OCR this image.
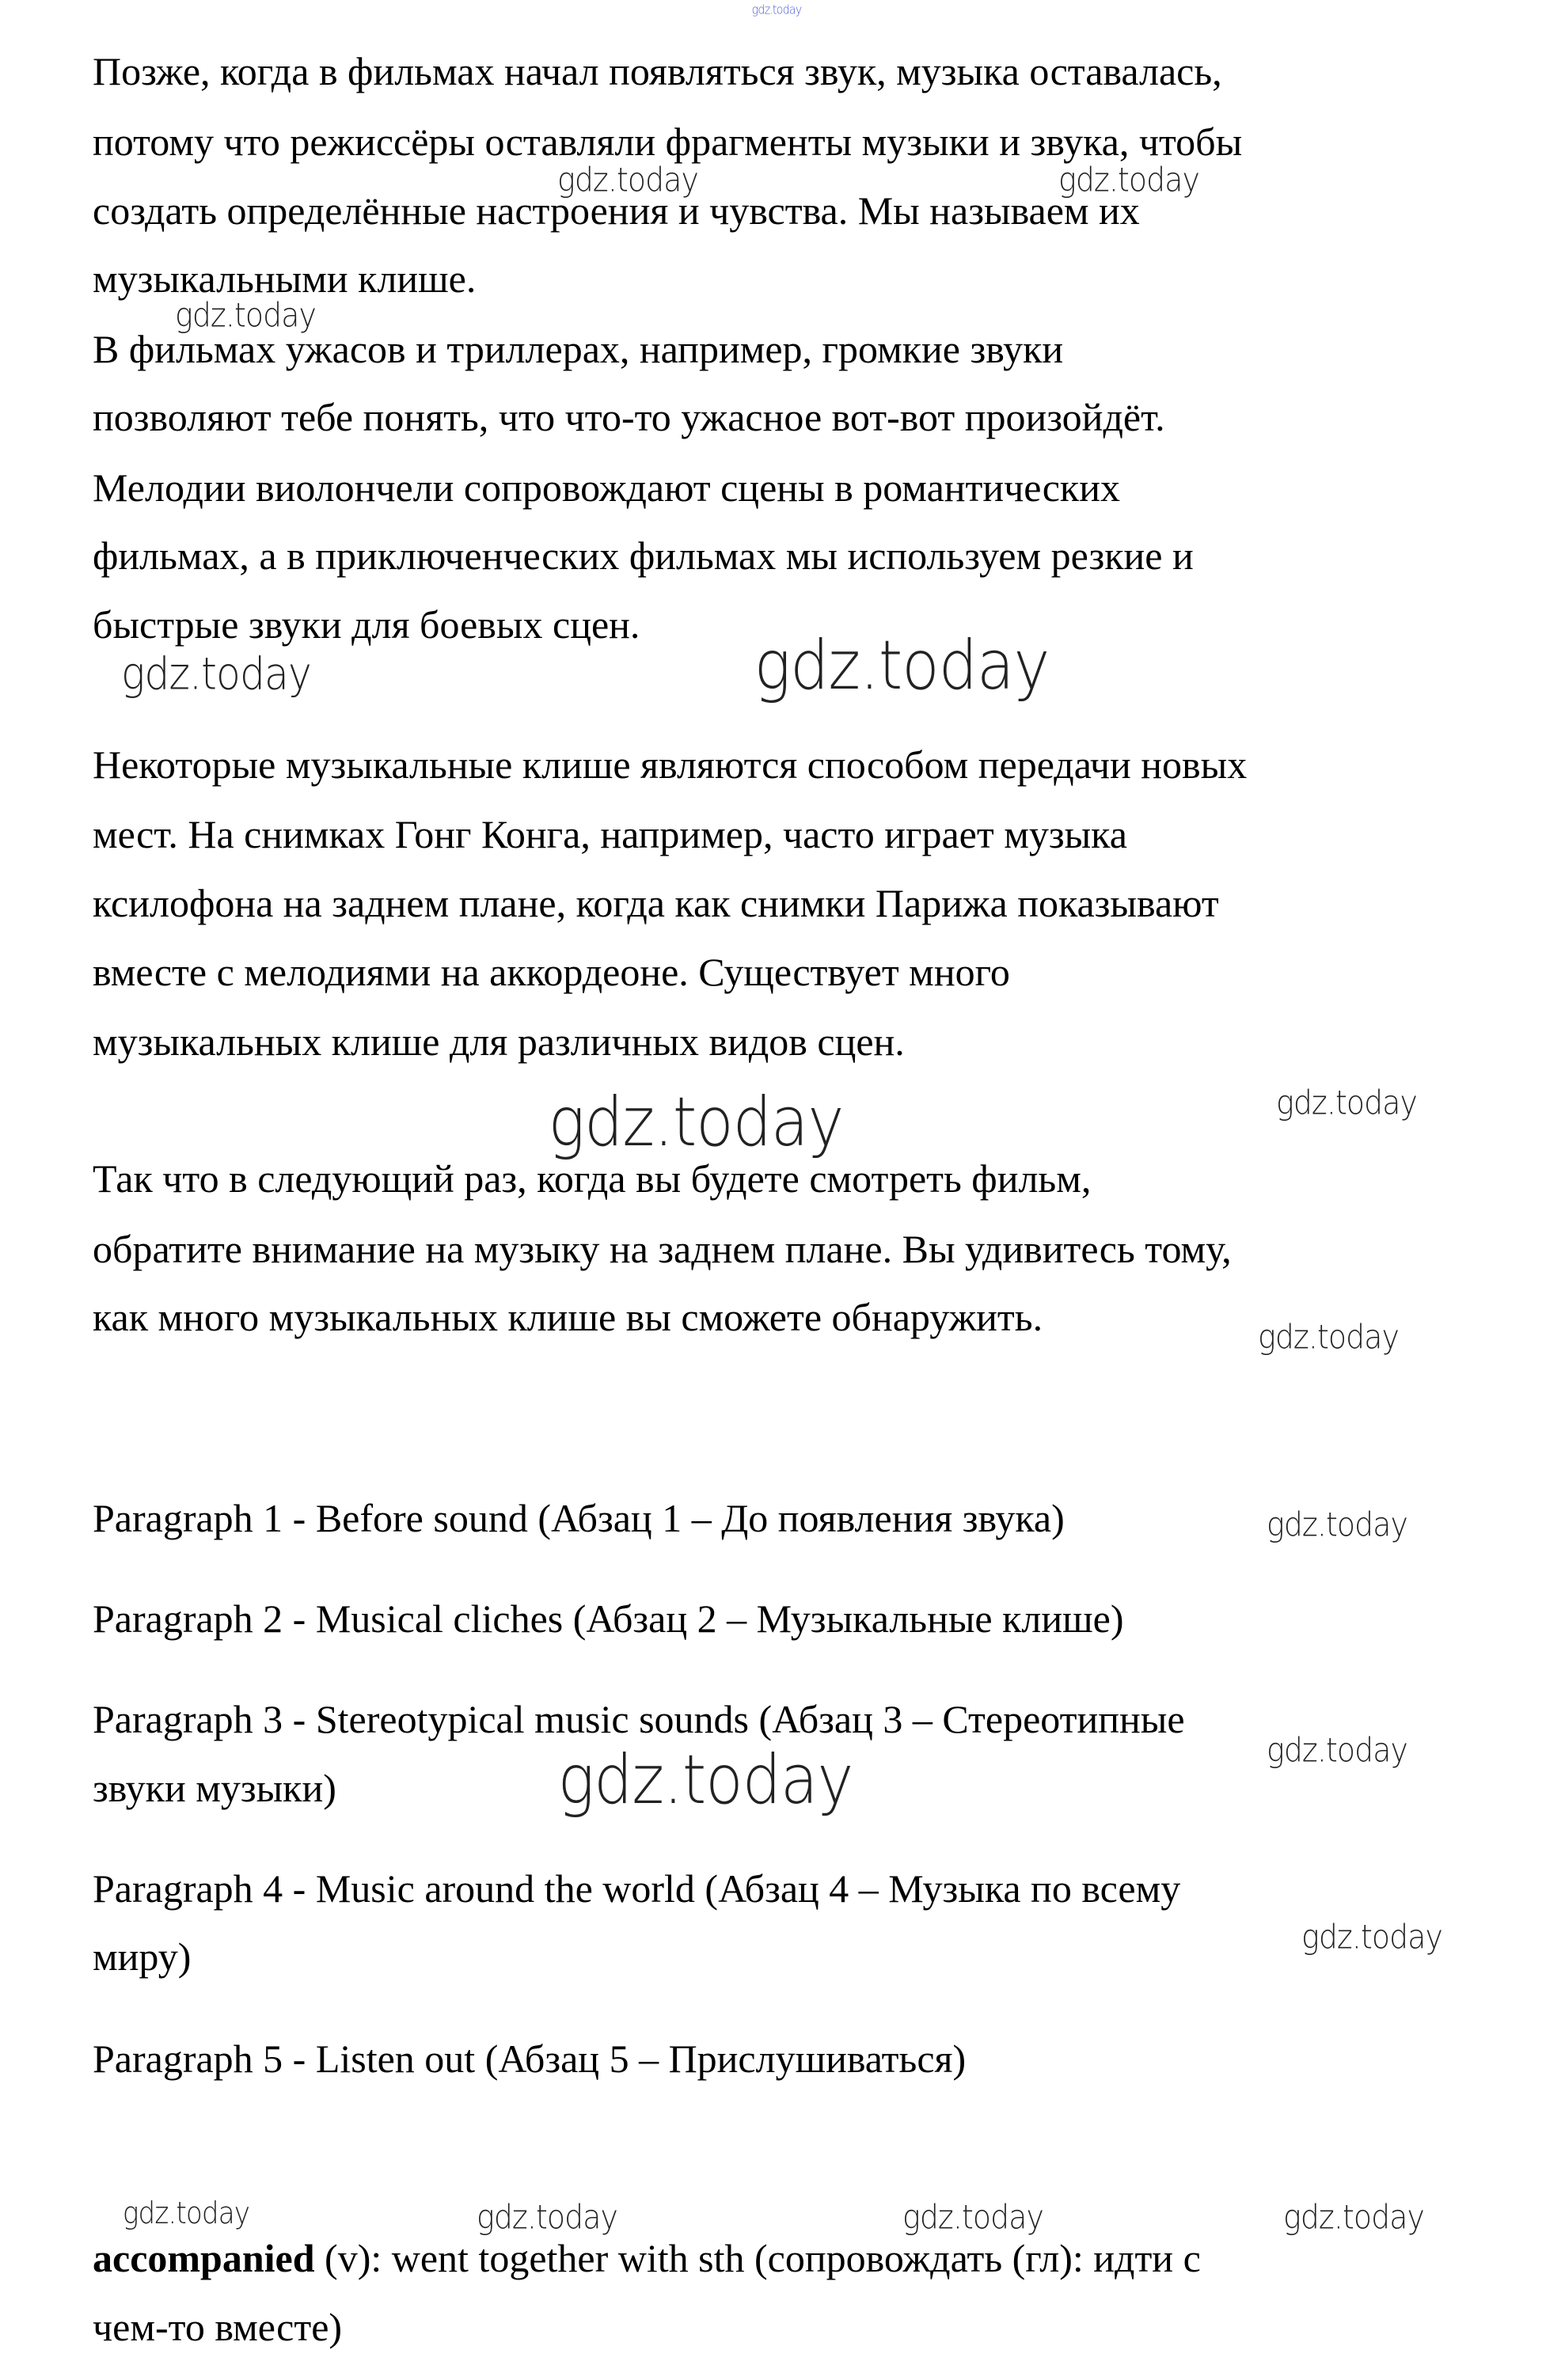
Позже, когда в фильмах начал появляться звук, музыка оставалась,
потому что режиссёры оставляли фрагменты музыки и звука, чтобы
создать определённые настроения и чувства. Мы называем их
музыкальными клише.
В фильмах ужасов и триллерах, например, громкие звуки
позволяют тебе понять, что что-то ужасное вот-вот произойдёт.
Мелодии виолончели сопровождают сцены в романтических
фильмах, а в приключенческих фильмах мы используем резкие и
быстрые звуки для боевых сцен.
Некоторые музыкальные клише являются способом передачи новых
мест. На снимках Гонг Конга, например, часто играет музыка
ксилофона на заднем плане, когда как снимки Парижа показывают
вместе с мелодиями на аккордеоне. Существует много
музыкальных клише для различных видов сцен.
Так что в следующий раз, когда вы будете смотреть фильм,
обратите внимание на музыку на заднем плане. Вы удивитесь тому,
как много музыкальных клише вы сможете обнаружить.
Paragraph 1 - Before sound (Абзац 1 – До появления звука)
Paragraph 2 - Musical cliches (Абзац 2 – Музыкальные клише)
Paragraph 3 - Stereotypical music sounds (Абзац 3 – Стереотипные
звуки музыки)
Paragraph 4 - Music around the world (Абзац 4 – Музыка по всему
миру)
Paragraph 5 - Listen out (Абзац 5 – Прислушиваться)
accompanied (v): went together with sth (сопровождать (гл): идти с
чем-то вместе)
gdz.today
gdz.today	gdz.today
gdz.today
gdz.today	gdz.today
gdz.today	gdz.today
gdz.today
gdz.today
gdz.today	gdz.today
gdz.today
gdz.today	gdz.today	gdz.today	gdz.today
